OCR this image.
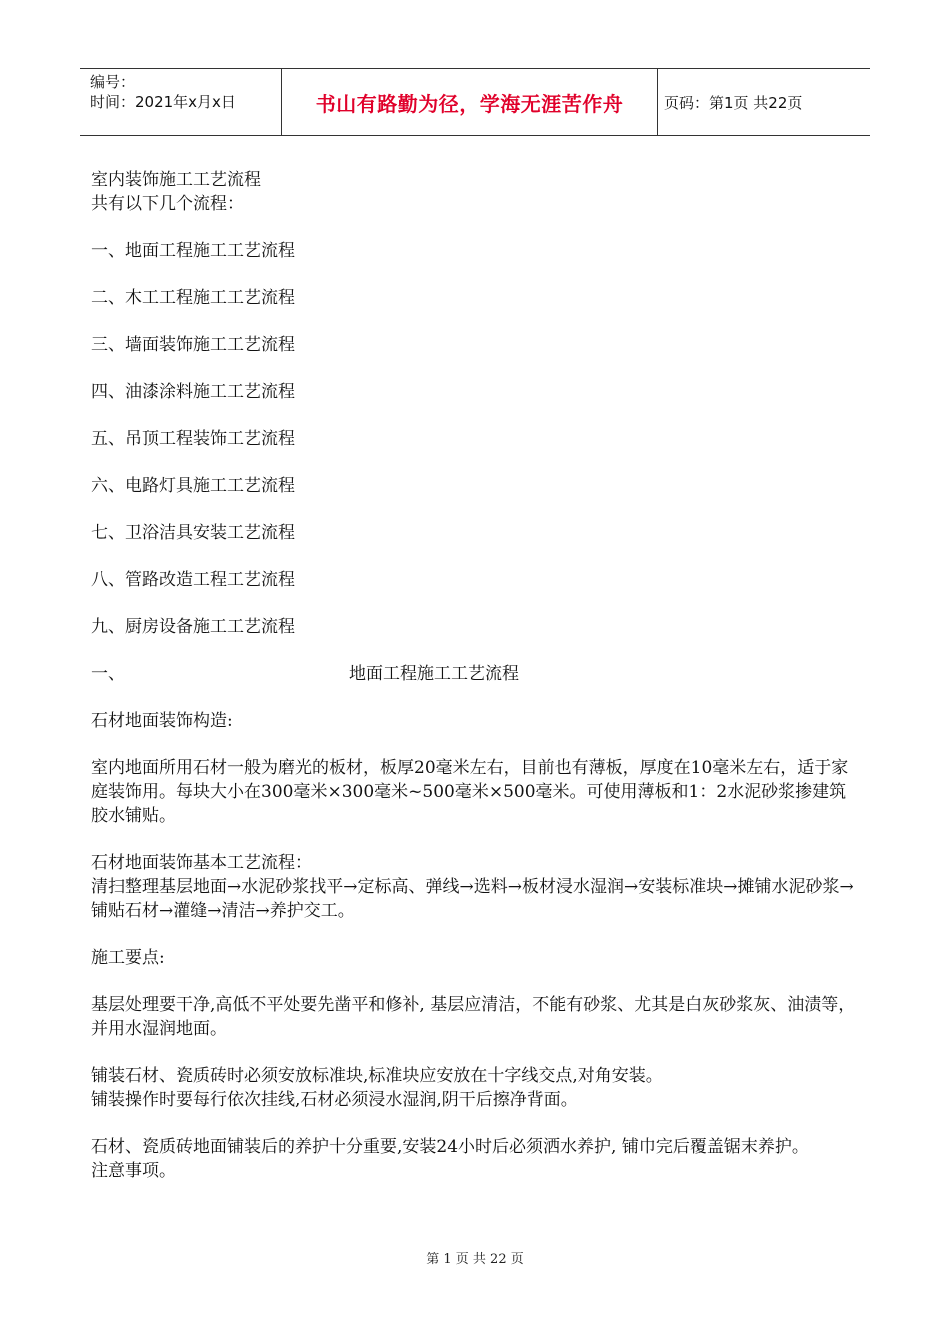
编号：
时间：2021年x月x日	书山有路勤为径，学海无涯苦作舟	页码：第1页 共22页

室内装饰施工工艺流程

共有以下几个流程：

一、地面工程施工工艺流程

二、木工工程施工工艺流程

三、墙面装饰施工工艺流程

四、油漆涂料施工工艺流程

五、吊顶工程装饰工艺流程

六、电路灯具施工工艺流程

七、卫浴洁具安装工艺流程

八、管路改造工程工艺流程

九、厨房设备施工工艺流程

一、	地面工程施工工艺流程

石材地面装饰构造:

室内地面所用石材一般为磨光的板材，板厚20毫米左右，目前也有薄板，厚度在10毫米左右，适于家庭装饰用。每块大小在300毫米×300毫米~500毫米×500毫米。可使用薄板和1：2水泥砂浆掺建筑胶水铺贴。

石材地面装饰基本工艺流程：

清扫整理基层地面→水泥砂浆找平→定标高、弹线→选料→板材浸水湿润→安装标准块→摊铺水泥砂浆→铺贴石材→灌缝→清洁→养护交工。

施工要点:

基层处理要干净,高低不平处要先凿平和修补, 基层应清洁，不能有砂浆、尤其是白灰砂浆灰、油渍等，并用水湿润地面。

铺装石材、瓷质砖时必须安放标准块,标准块应安放在十字线交点,对角安装。

铺装操作时要每行依次挂线,石材必须浸水湿润,阴干后擦净背面。

石材、瓷质砖地面铺装后的养护十分重要,安装24小时后必须洒水养护, 铺巾完后覆盖锯末养护。

注意事项。

第 1 页 共 22 页
